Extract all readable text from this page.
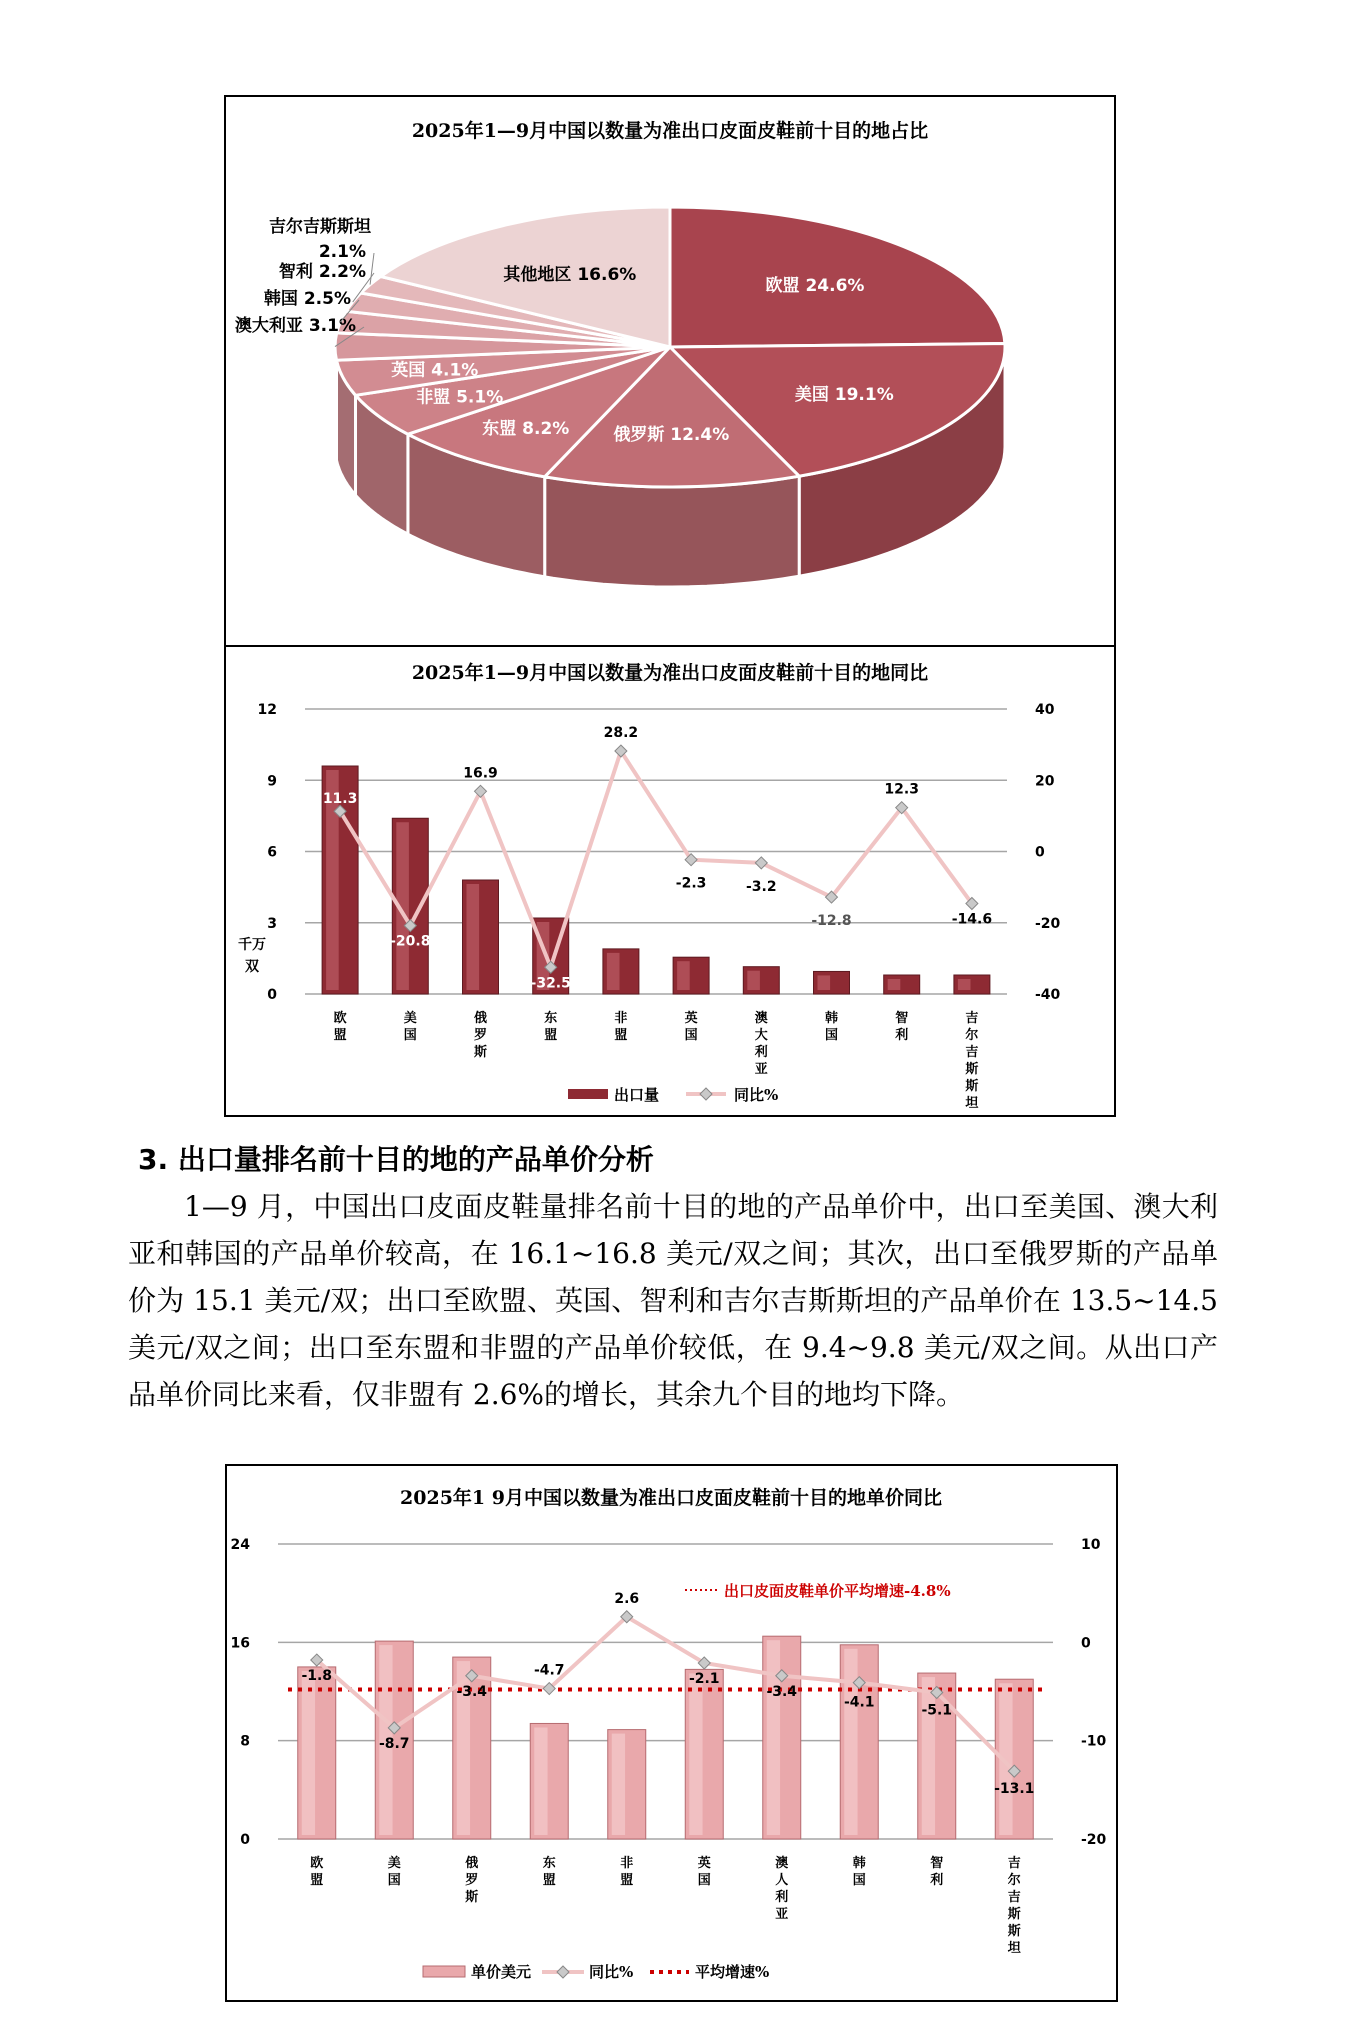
2025年1—9月中国以数量为准出口皮面皮鞋前十目的地占比
欧盟 24.6%
美国 19.1%
俄罗斯 12.4%
东盟 8.2%
非盟 5.1%
英国 4.1%
澳大利亚 3.1%
韩国 2.5%
智利 2.2%
2.1%
吉尔吉斯斯坦
其他地区 16.6%
2025年1—9月中国以数量为准出口皮面皮鞋前十目的地同比
0
3
6
9
12
-40
-20
0
20
40
欧盟
美国
俄罗斯
东盟
非盟
英国
澳大利亚
韩国
智利
吉尔吉斯斯坦
11.3
-20.8
16.9
-32.5
28.2
-2.3	-3.2
-12.8
12.3
-14.6
千万
双
出口量	同比%
3. 出口量排名前十目的地的产品单价分析

1—9 月，中国出口皮面皮鞋量排名前十目的地的产品单价中，出口至美国、澳大利亚和韩国的产品单价较高，在 16.1~16.8 美元/双之间；其次，出口至俄罗斯的产品单价为 15.1 美元/双；出口至欧盟、英国、智利和吉尔吉斯斯坦的产品单价在 13.5~14.5 美元/双之间；出口至东盟和非盟的产品单价较低，在 9.4~9.8 美元/双之间。从出口产品单价同比来看，仅非盟有 2.6%的增长，其余九个目的地均下降。

2025年1 9月中国以数量为准出口皮面皮鞋前十目的地单价同比
0
8
16
24
-20
-10
0
10
欧盟
美国
俄罗斯
东盟
非盟
英国
澳人利亚
韩国
智利
吉尔吉斯斯坦
-1.8
-8.7
-3.4
-4.7
2.6
-2.1
-3.4
-4.1	-5.1
-13.1
出口皮面皮鞋单价平均增速-4.8%
单价美元	同比%	平均增速%
